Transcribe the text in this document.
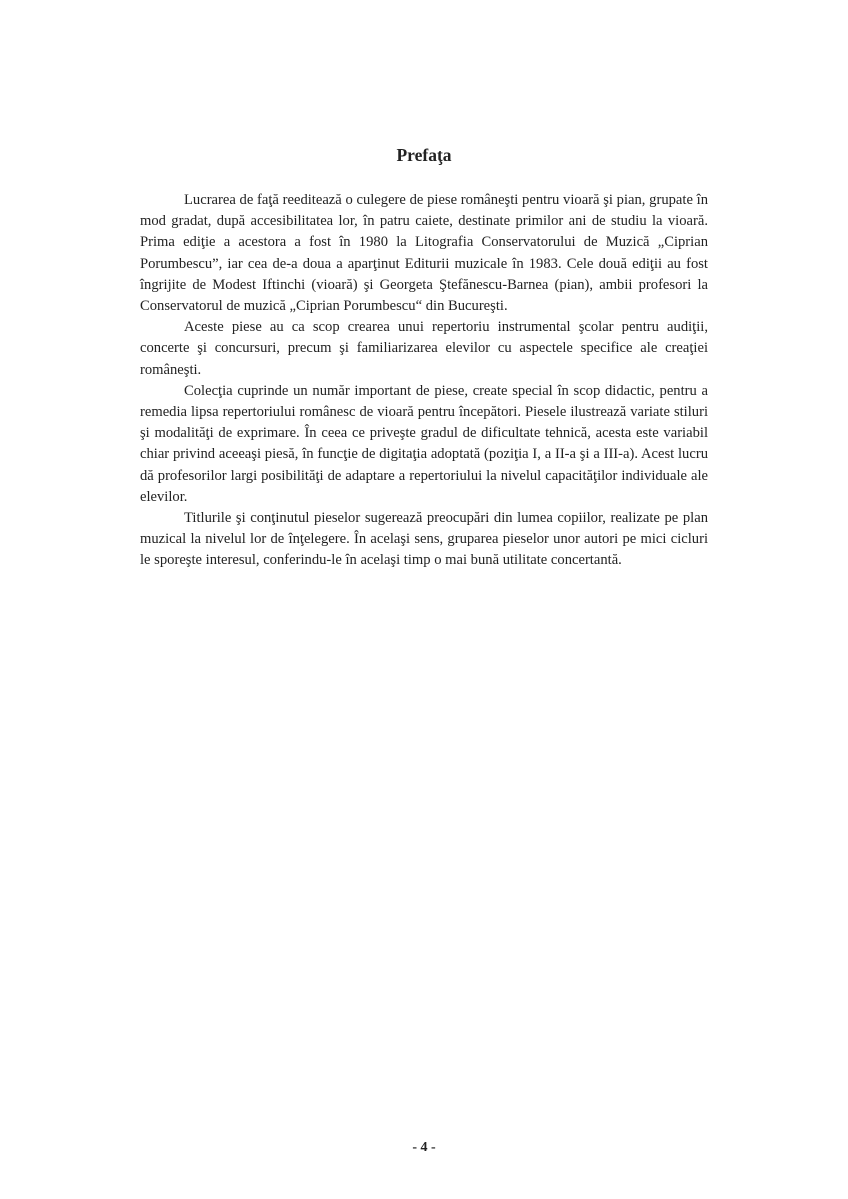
Prefaţa

Lucrarea de faţă reeditează o culegere de piese româneşti pentru vioară şi pian, grupate în mod gradat, după accesibilitatea lor, în patru caiete, destinate primilor ani de studiu la vioară. Prima ediţie a acestora a fost în 1980 la Litografia Conservatorului de Muzică „Ciprian Porumbescu”, iar cea de-a doua a aparţinut Editurii muzicale în 1983. Cele două ediţii au fost îngrijite de Modest Iftinchi (vioară) şi Georgeta Ştefănescu-Barnea (pian), ambii profesori la Conservatorul de muzică „Ciprian Porumbescu“ din Bucureşti.

Aceste piese au ca scop crearea unui repertoriu instrumental şcolar pentru audiţii, concerte şi concursuri, precum şi familiarizarea elevilor cu aspectele specifice ale creaţiei româneşti.

Colecţia cuprinde un număr important de piese, create special în scop didactic, pentru a remedia lipsa repertoriului românesc de vioară pentru începători. Piesele ilustrează variate stiluri şi modalităţi de exprimare. În ceea ce priveşte gradul de dificultate tehnică, acesta este variabil chiar privind aceeaşi piesă, în funcţie de digitaţia adoptată (poziţia I, a II-a şi a III-a). Acest lucru dă profesorilor largi posibilităţi de adaptare a repertoriului la nivelul capacităţilor individuale ale elevilor.

Titlurile şi conţinutul pieselor sugerează preocupări din lumea copiilor, realizate pe plan muzical la nivelul lor de înţelegere. În acelaşi sens, gruparea pieselor unor autori pe mici cicluri le sporeşte interesul, conferindu-le în acelaşi timp o mai bună utilitate concertantă.

- 4 -
